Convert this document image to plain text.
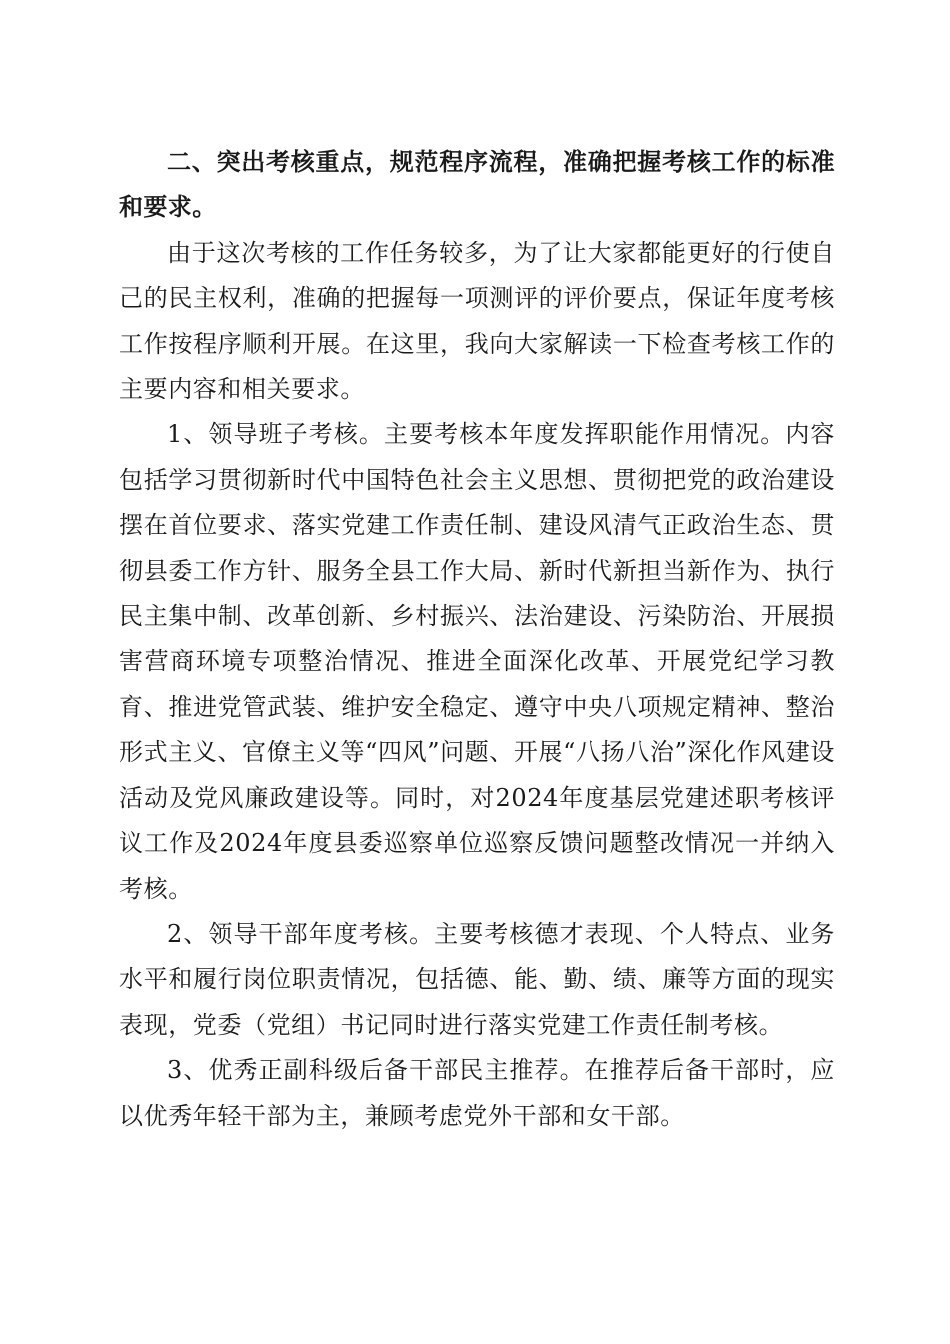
二、突出考核重点，规范程序流程，准确把握考核工作的标准和要求。

由于这次考核的工作任务较多，为了让大家都能更好的行使自己的民主权利，准确的把握每一项测评的评价要点，保证年度考核工作按程序顺利开展。在这里，我向大家解读一下检查考核工作的主要内容和相关要求。

1、领导班子考核。主要考核本年度发挥职能作用情况。内容包括学习贯彻新时代中国特色社会主义思想、贯彻把党的政治建设摆在首位要求、落实党建工作责任制、建设风清气正政治生态、贯彻县委工作方针、服务全县工作大局、新时代新担当新作为、执行民主集中制、改革创新、乡村振兴、法治建设、污染防治、开展损害营商环境专项整治情况、推进全面深化改革、开展党纪学习教育、推进党管武装、维护安全稳定、遵守中央八项规定精神、整治形式主义、官僚主义等“四风”问题、开展“八扬八治”深化作风建设活动及党风廉政建设等。同时，对2024年度基层党建述职考核评议工作及2024年度县委巡察单位巡察反馈问题整改情况一并纳入考核。

2、领导干部年度考核。主要考核德才表现、个人特点、业务水平和履行岗位职责情况，包括德、能、勤、绩、廉等方面的现实表现，党委（党组）书记同时进行落实党建工作责任制考核。

3、优秀正副科级后备干部民主推荐。在推荐后备干部时，应以优秀年轻干部为主，兼顾考虑党外干部和女干部。
